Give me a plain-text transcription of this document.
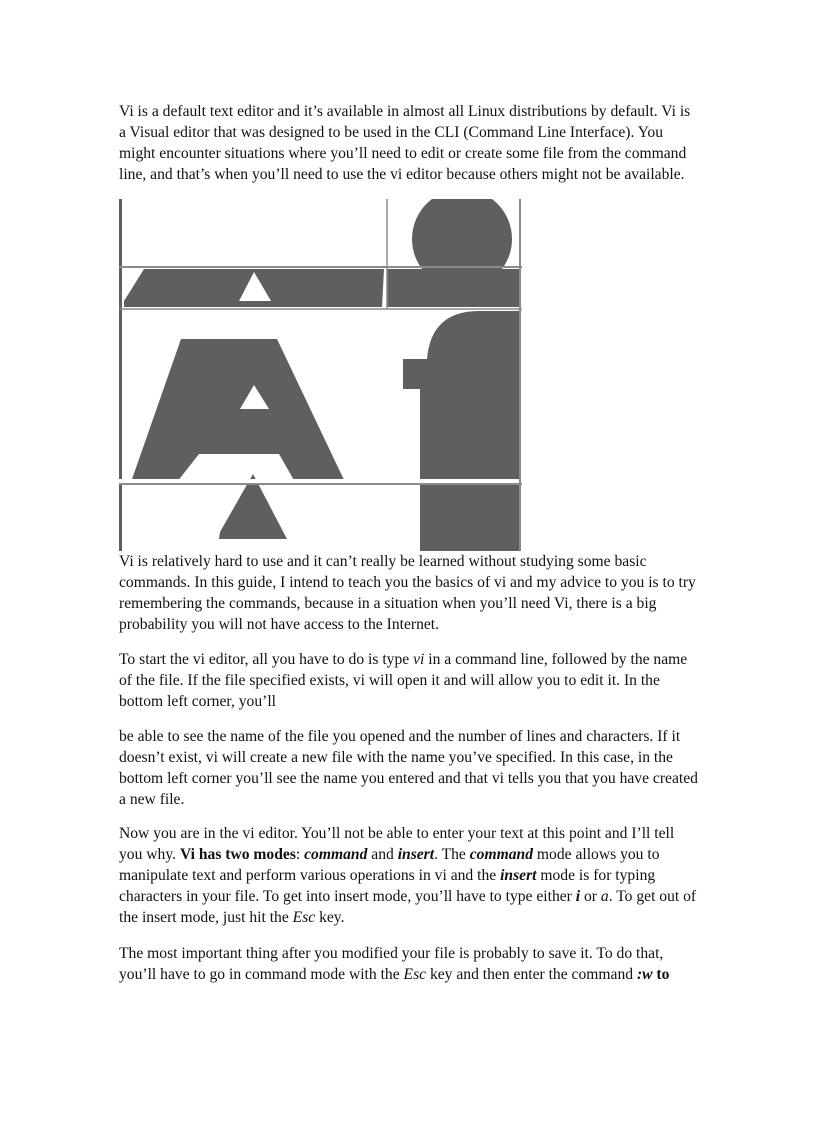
Vi is a default text editor and it’s available in almost all Linux distributions by default. Vi is a Visual editor that was designed to be used in the CLI (Command Line Interface). You might encounter situations where you’ll need to edit or create some file from the command line, and that’s when you’ll need to use the vi editor because others might not be available.

Vi is relatively hard to use and it can’t really be learned without studying some basic commands. In this guide, I intend to teach you the basics of vi and my advice to you is to try remembering the commands, because in a situation when you’ll need Vi, there is a big probability you will not have access to the Internet.

To start the vi editor, all you have to do is type vi in a command line, followed by the name of the file. If the file specified exists, vi will open it and will allow you to edit it. In the bottom left corner, you’ll

be able to see the name of the file you opened and the number of lines and characters. If it doesn’t exist, vi will create a new file with the name you’ve specified. In this case, in the bottom left corner you’ll see the name you entered and that vi tells you that you have created a new file.

Now you are in the vi editor. You’ll not be able to enter your text at this point and I’ll tell you why. Vi has two modes: command and insert. The command mode allows you to manipulate text and perform various operations in vi and the insert mode is for typing characters in your file. To get into insert mode, you’ll have to type either i or a. To get out of the insert mode, just hit the Esc key.

The most important thing after you modified your file is probably to save it. To do that, you’ll have to go in command mode with the Esc key and then enter the command :w to
